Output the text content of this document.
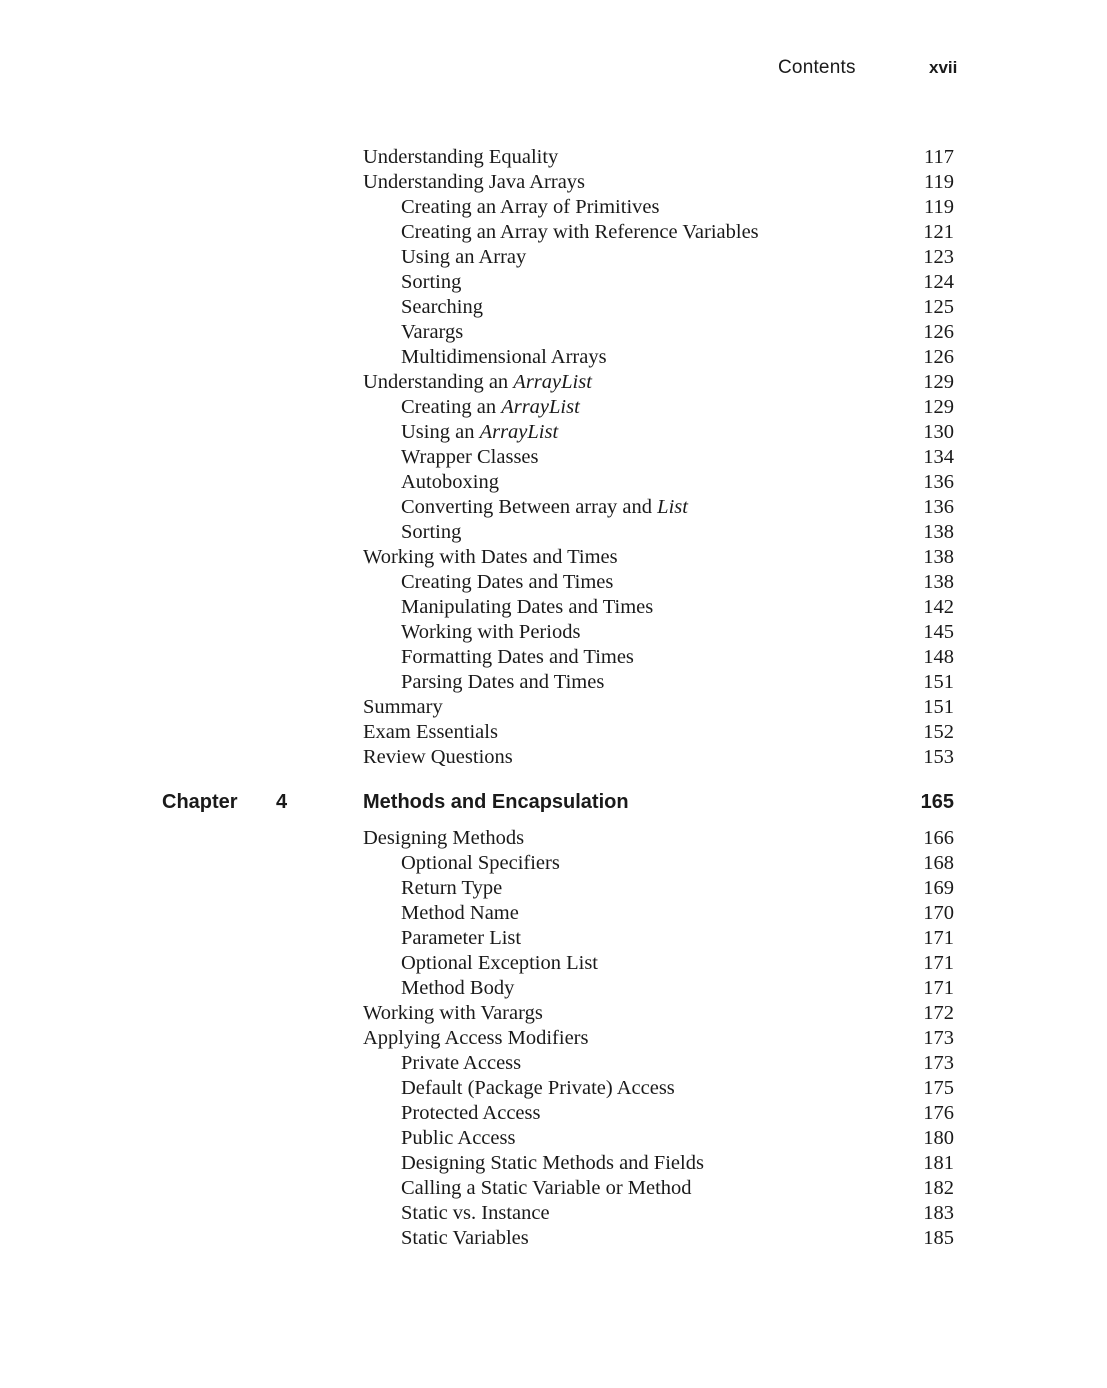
Contents	xvii
Understanding Equality	117
Understanding Java Arrays	119
Creating an Array of Primitives	119
Creating an Array with Reference Variables	121
Using an Array	123
Sorting	124
Searching	125
Varargs	126
Multidimensional Arrays	126
Understanding an ArrayList	129
Creating an ArrayList	129
Using an ArrayList	130
Wrapper Classes	134
Autoboxing	136
Converting Between array and List	136
Sorting	138
Working with Dates and Times	138
Creating Dates and Times	138
Manipulating Dates and Times	142
Working with Periods	145
Formatting Dates and Times	148
Parsing Dates and Times	151
Summary	151
Exam Essentials	152
Review Questions	153
Chapter 4	Methods and Encapsulation	165
Designing Methods	166
Optional Specifiers	168
Return Type	169
Method Name	170
Parameter List	171
Optional Exception List	171
Method Body	171
Working with Varargs	172
Applying Access Modifiers	173
Private Access	173
Default (Package Private) Access	175
Protected Access	176
Public Access	180
Designing Static Methods and Fields	181
Calling a Static Variable or Method	182
Static vs. Instance	183
Static Variables	185
